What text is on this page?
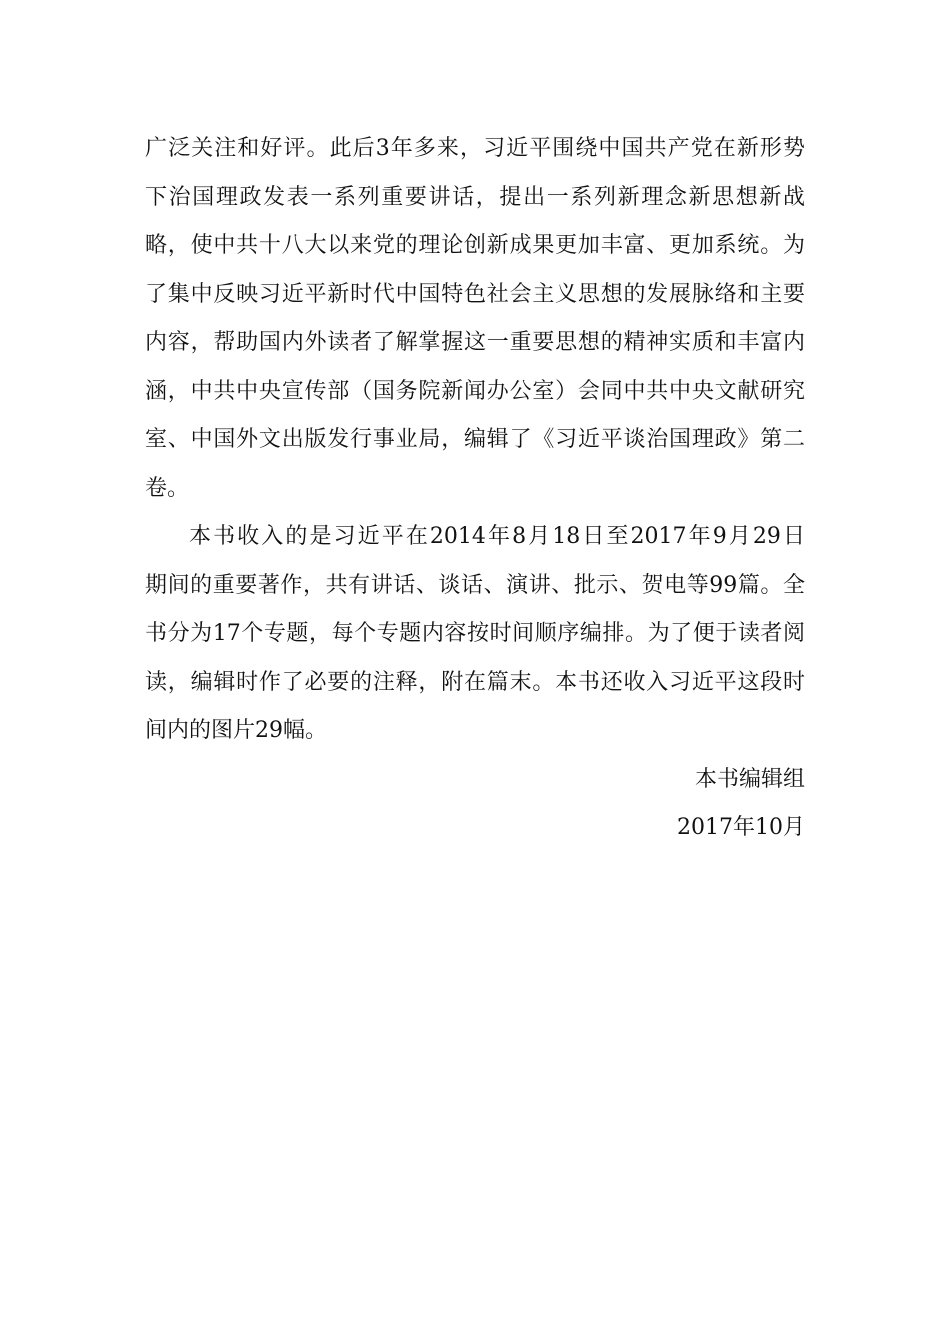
广泛关注和好评。此后3年多来，习近平围绕中国共产党在新形势
下治国理政发表一系列重要讲话，提出一系列新理念新思想新战
略，使中共十八大以来党的理论创新成果更加丰富、更加系统。为
了集中反映习近平新时代中国特色社会主义思想的发展脉络和主要
内容，帮助国内外读者了解掌握这一重要思想的精神实质和丰富内
涵，中共中央宣传部（国务院新闻办公室）会同中共中央文献研究
室、中国外文出版发行事业局，编辑了《习近平谈治国理政》第二
卷。
本书收入的是习近平在2014年8月18日至2017年9月29日
期间的重要著作，共有讲话、谈话、演讲、批示、贺电等99篇。全
书分为17个专题，每个专题内容按时间顺序编排。为了便于读者阅
读，编辑时作了必要的注释，附在篇末。本书还收入习近平这段时
间内的图片29幅。
本书编辑组
2017年10月
